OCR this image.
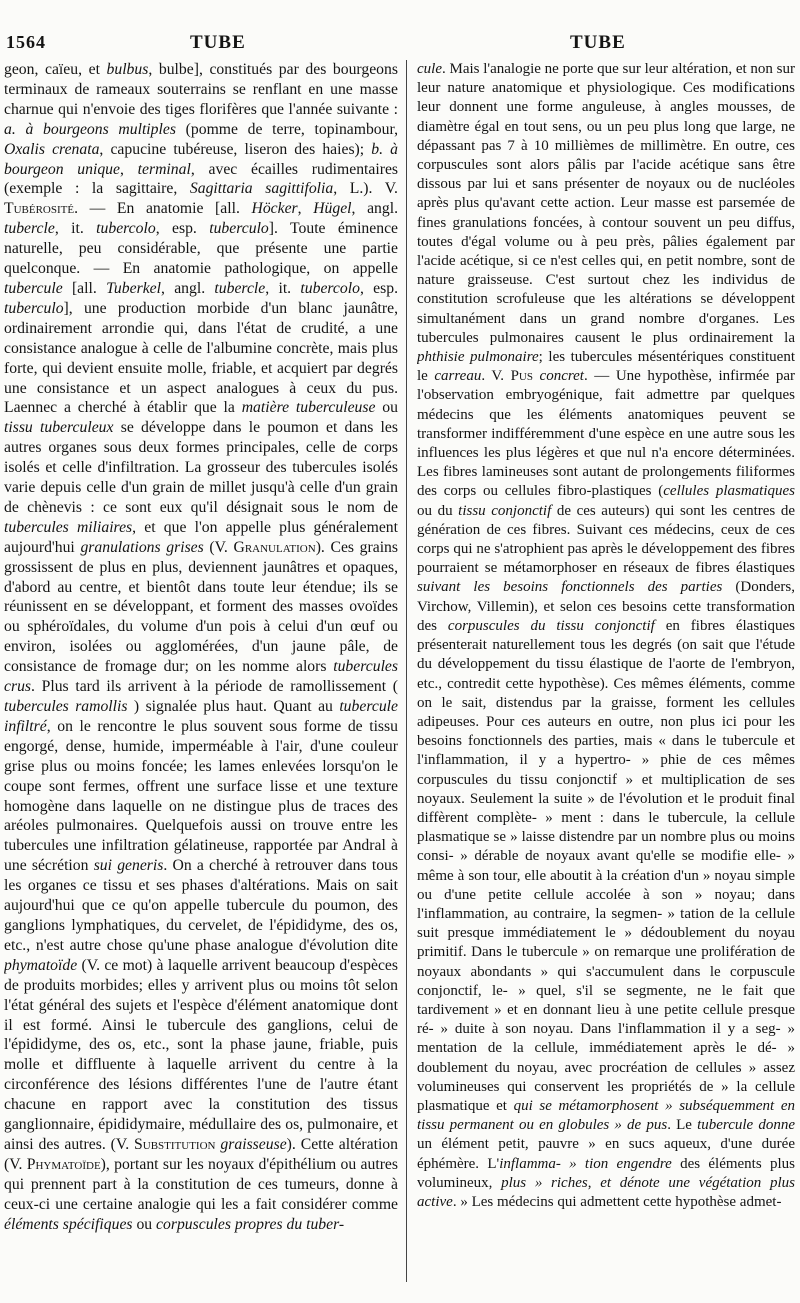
1564	TUBE	TUBE

geon, caïeu, et bulbus, bulbe], constitués par des bourgeons terminaux de rameaux souterrains se renflant en une masse charnue qui n'envoie des tiges florifères que l'année suivante : a. à bourgeons multiples (pomme de terre, topinambour, Oxalis crenata, capucine tubéreuse, liseron des haies); b. à bourgeon unique, terminal, avec écailles rudimentaires (exemple : la sagittaire, Sagittaria sagittifolia, L.). V. Tubérosité. — En anatomie [all. Höcker, Hügel, angl. tubercle, it. tubercolo, esp. tuberculo]. Toute éminence naturelle, peu considérable, que présente une partie quelconque. — En anatomie pathologique, on appelle tubercule [all. Tuberkel, angl. tubercle, it. tubercolo, esp. tuberculo], une production morbide d'un blanc jaunâtre, ordinairement arrondie qui, dans l'état de crudité, a une consistance analogue à celle de l'albumine concrète, mais plus forte, qui devient ensuite molle, friable, et acquiert par degrés une consistance et un aspect analogues à ceux du pus. Laennec a cherché à établir que la matière tuberculeuse ou tissu tuberculeux se développe dans le poumon et dans les autres organes sous deux formes principales, celle de corps isolés et celle d'infiltration. La grosseur des tubercules isolés varie depuis celle d'un grain de millet jusqu'à celle d'un grain de chènevis : ce sont eux qu'il désignait sous le nom de tubercules miliaires, et que l'on appelle plus généralement aujourd'hui granulations grises (V. Granulation). Ces grains grossissent de plus en plus, deviennent jaunâtres et opaques, d'abord au centre, et bientôt dans toute leur étendue; ils se réunissent en se développant, et forment des masses ovoïdes ou sphéroïdales, du volume d'un pois à celui d'un œuf ou environ, isolées ou agglomérées, d'un jaune pâle, de consistance de fromage dur; on les nomme alors tubercules crus. Plus tard ils arrivent à la période de ramollissement ( tubercules ramollis ) signalée plus haut. Quant au tubercule infiltré, on le rencontre le plus souvent sous forme de tissu engorgé, dense, humide, imperméable à l'air, d'une couleur grise plus ou moins foncée; les lames enlevées lorsqu'on le coupe sont fermes, offrent une surface lisse et une texture homogène dans laquelle on ne distingue plus de traces des aréoles pulmonaires. Quelquefois aussi on trouve entre les tubercules une infiltration gélatineuse, rapportée par Andral à une sécrétion sui generis. On a cherché à retrouver dans tous les organes ce tissu et ses phases d'altérations. Mais on sait aujourd'hui que ce qu'on appelle tubercule du poumon, des ganglions lymphatiques, du cervelet, de l'épididyme, des os, etc., n'est autre chose qu'une phase analogue d'évolution dite phymatoïde (V. ce mot) à laquelle arrivent beaucoup d'espèces de produits morbides; elles y arrivent plus ou moins tôt selon l'état général des sujets et l'espèce d'élément anatomique dont il est formé. Ainsi le tubercule des ganglions, celui de l'épididyme, des os, etc., sont la phase jaune, friable, puis molle et diffluente à laquelle arrivent du centre à la circonférence des lésions différentes l'une de l'autre étant chacune en rapport avec la constitution des tissus ganglionnaire, épididymaire, médullaire des os, pulmonaire, et ainsi des autres. (V. Substitution graisseuse). Cette altération (V. Phymatoïde), portant sur les noyaux d'épithélium ou autres qui prennent part à la constitution de ces tumeurs, donne à ceux-ci une certaine analogie qui les a fait considérer comme éléments spécifiques ou corpuscules propres du tuber-

cule. Mais l'analogie ne porte que sur leur altération, et non sur leur nature anatomique et physiologique. Ces modifications leur donnent une forme anguleuse, à angles mousses, de diamètre égal en tout sens, ou un peu plus long que large, ne dépassant pas 7 à 10 millièmes de millimètre. En outre, ces corpuscules sont alors pâlis par l'acide acétique sans être dissous par lui et sans présenter de noyaux ou de nucléoles après plus qu'avant cette action. Leur masse est parsemée de fines granulations foncées, à contour souvent un peu diffus, toutes d'égal volume ou à peu près, pâlies également par l'acide acétique, si ce n'est celles qui, en petit nombre, sont de nature graisseuse. C'est surtout chez les individus de constitution scrofuleuse que les altérations se développent simultanément dans un grand nombre d'organes. Les tubercules pulmonaires causent le plus ordinairement la phthisie pulmonaire; les tubercules mésentériques constituent le carreau. V. Pus concret. — Une hypothèse, infirmée par l'observation embryogénique, fait admettre par quelques médecins que les éléments anatomiques peuvent se transformer indifféremment d'une espèce en une autre sous les influences les plus légères et que nul n'a encore déterminées. Les fibres lamineuses sont autant de prolongements filiformes des corps ou cellules fibro-plastiques (cellules plasmatiques ou du tissu conjonctif de ces auteurs) qui sont les centres de génération de ces fibres. Suivant ces médecins, ceux de ces corps qui ne s'atrophient pas après le développement des fibres pourraient se métamorphoser en réseaux de fibres élastiques suivant les besoins fonctionnels des parties (Donders, Virchow, Villemin), et selon ces besoins cette transformation des corpuscules du tissu conjonctif en fibres élastiques présenterait naturellement tous les degrés (on sait que l'étude du développement du tissu élastique de l'aorte de l'embryon, etc., contredit cette hypothèse). Ces mêmes éléments, comme on le sait, distendus par la graisse, forment les cellules adipeuses. Pour ces auteurs en outre, non plus ici pour les besoins fonctionnels des parties, mais « dans le tubercule et l'inflammation, il y a hypertro- » phie de ces mêmes corpuscules du tissu conjonctif » et multiplication de ses noyaux. Seulement la suite » de l'évolution et le produit final diffèrent complète- » ment : dans le tubercule, la cellule plasmatique se » laisse distendre par un nombre plus ou moins consi- » dérable de noyaux avant qu'elle se modifie elle- » même à son tour, elle aboutit à la création d'un » noyau simple ou d'une petite cellule accolée à son » noyau; dans l'inflammation, au contraire, la segmen- » tation de la cellule suit presque immédiatement le » dédoublement du noyau primitif. Dans le tubercule » on remarque une prolifération de noyaux abondants » qui s'accumulent dans le corpuscule conjonctif, le- » quel, s'il se segmente, ne le fait que tardivement » et en donnant lieu à une petite cellule presque ré- » duite à son noyau. Dans l'inflammation il y a seg- » mentation de la cellule, immédiatement après le dé- » doublement du noyau, avec procréation de cellules » assez volumineuses qui conservent les propriétés de » la cellule plasmatique et qui se métamorphosent » subséquemment en tissu permanent ou en globules » de pus. Le tubercule donne un élément petit, pauvre » en sucs aqueux, d'une durée éphémère. L'inflamma- » tion engendre des éléments plus volumineux, plus » riches, et dénote une végétation plus active. » Les médecins qui admettent cette hypothèse admet-
